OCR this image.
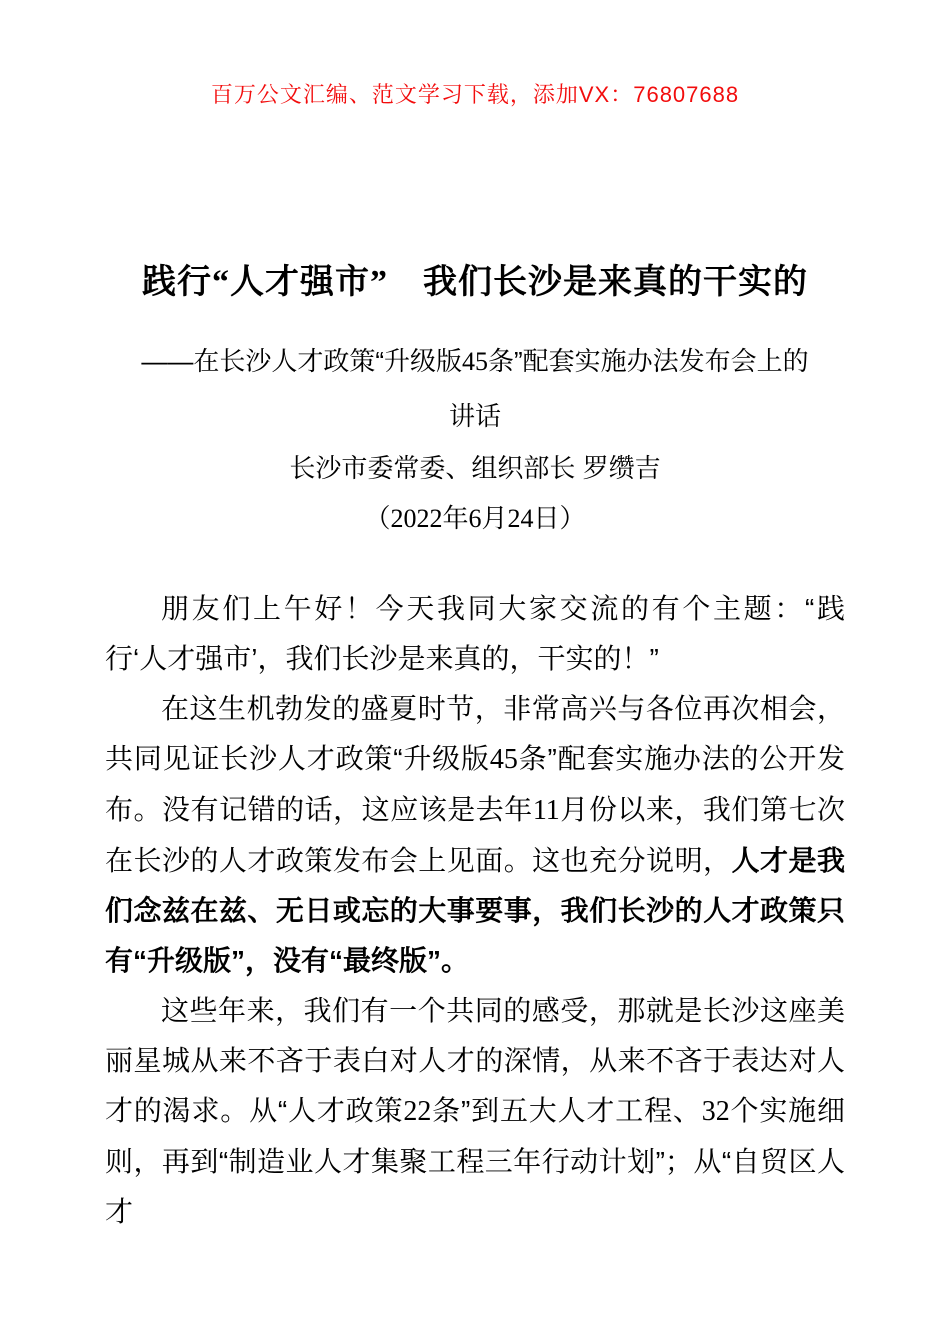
百万公文汇编、范文学习下载，添加VX：76807688
践行“人才强市”　我们长沙是来真的干实的
——在长沙人才政策“升级版45条”配套实施办法发布会上的
讲话
长沙市委常委、组织部长 罗缵吉
（2022年6月24日）

朋友们上午好！今天我同大家交流的有个主题：“践行‘人才强市’，我们长沙是来真的，干实的！”

在这生机勃发的盛夏时节，非常高兴与各位再次相会，共同见证长沙人才政策“升级版45条”配套实施办法的公开发布。没有记错的话，这应该是去年11月份以来，我们第七次在长沙的人才政策发布会上见面。这也充分说明，人才是我们念兹在兹、无日或忘的大事要事，我们长沙的人才政策只有“升级版”，没有“最终版”。

这些年来，我们有一个共同的感受，那就是长沙这座美丽星城从来不吝于表白对人才的深情，从来不吝于表达对人才的渴求。从“人才政策22条”到五大人才工程、32个实施细则，再到“制造业人才集聚工程三年行动计划”；从“自贸区人才
